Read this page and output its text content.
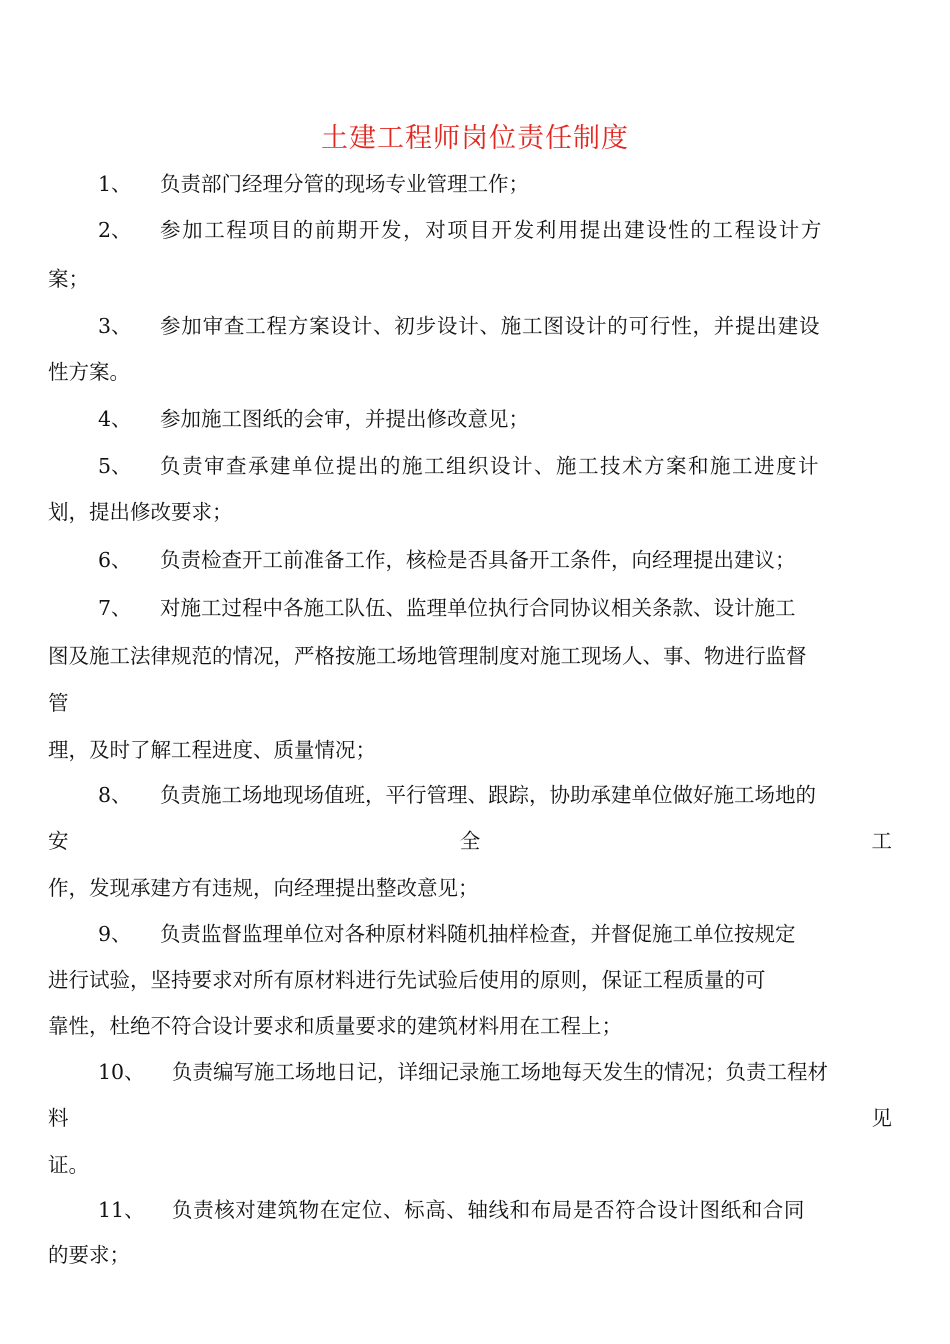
土建工程师岗位责任制度
1、 负责部门经理分管的现场专业管理工作；
2、	参加工程项目的前期开发，对项目开发利用提出建设性的工程设计方
案；
3、 参加审查工程方案设计、初步设计、施工图设计的可行性，并提出建设
性方案。
4、 参加施工图纸的会审，并提出修改意见；
5、 负责审查承建单位提出的施工组织设计、施工技术方案和施工进度计
划，提出修改要求；
6、 负责检查开工前准备工作，核检是否具备开工条件，向经理提出建议；
7、 对施工过程中各施工队伍、监理单位执行合同协议相关条款、设计施工
图及施工法律规范的情况，严格按施工场地管理制度对施工现场人、事、物进行监督
管
理，及时了解工程进度、质量情况；
8、 负责施工场地现场值班，平行管理、跟踪，协助承建单位做好施工场地的
安	全	工
作，发现承建方有违规，向经理提出整改意见；
9、 负责监督监理单位对各种原材料随机抽样检查，并督促施工单位按规定
进行试验，坚持要求对所有原材料进行先试验后使用的原则，保证工程质量的可
靠性，杜绝不符合设计要求和质量要求的建筑材料用在工程上；
10、 负责编写施工场地日记，详细记录施工场地每天发生的情况；负责工程材
料	见
证。
11、 负责核对建筑物在定位、标高、轴线和布局是否符合设计图纸和合同
的要求；
